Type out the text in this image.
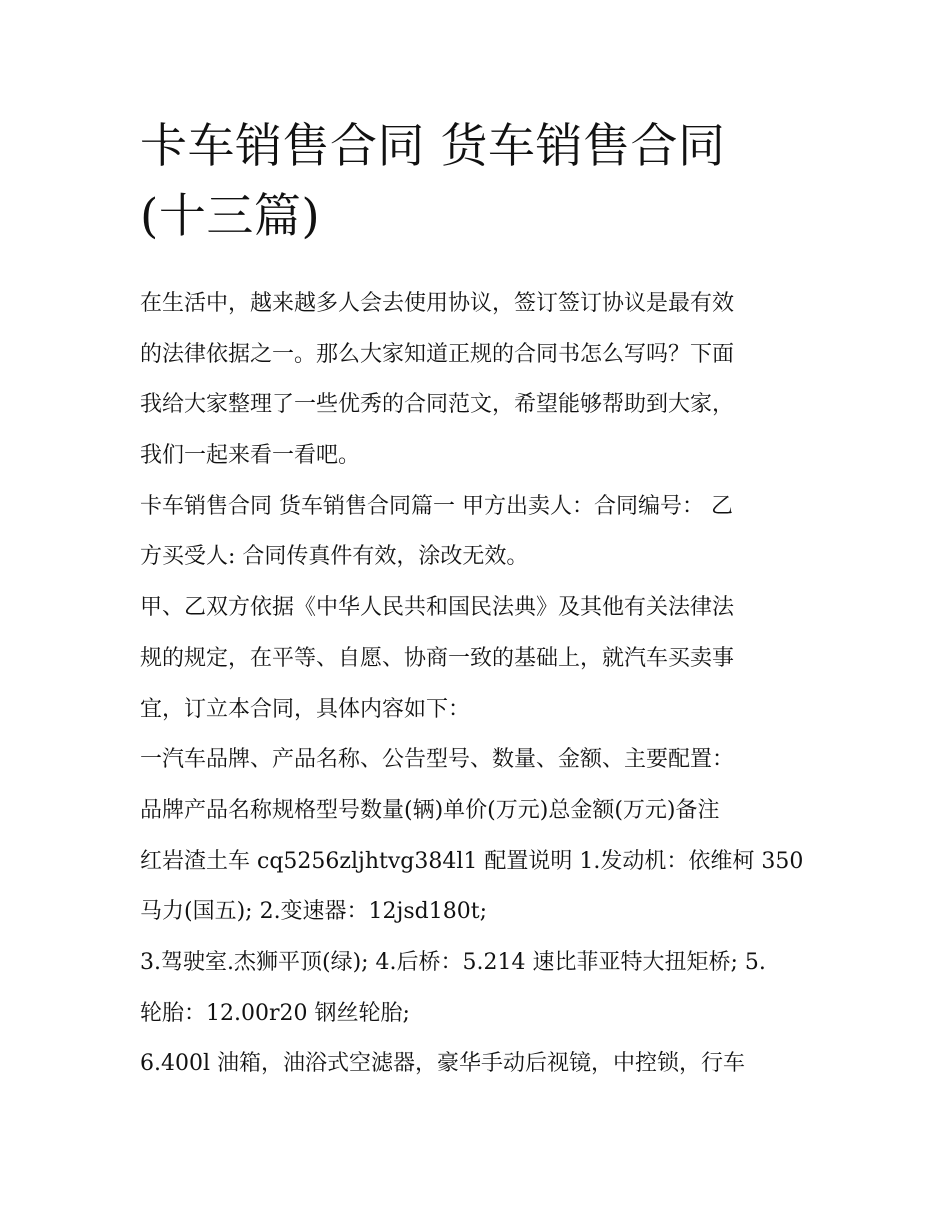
卡车销售合同 货车销售合同
(十三篇)
在生活中，越来越多人会去使用协议，签订签订协议是最有效
的法律依据之一。那么大家知道正规的合同书怎么写吗？下面
我给大家整理了一些优秀的合同范文，希望能够帮助到大家，
我们一起来看一看吧。
卡车销售合同 货车销售合同篇一 甲方出卖人：合同编号： 乙
方买受人: 合同传真件有效，涂改无效。
甲、乙双方依据《中华人民共和国民法典》及其他有关法律法
规的规定，在平等、自愿、协商一致的基础上，就汽车买卖事
宜，订立本合同，具体内容如下：
一汽车品牌、产品名称、公告型号、数量、金额、主要配置：
品牌产品名称规格型号数量(辆)单价(万元)总金额(万元)备注
红岩渣土车 cq5256zljhtvg384l1 配置说明 1.发动机：依维柯 350
马力(国五); 2.变速器：12jsd180t;
3.驾驶室.杰狮平顶(绿); 4.后桥：5.214 速比菲亚特大扭矩桥; 5.
轮胎：12.00r20 钢丝轮胎;
6.400l 油箱，油浴式空滤器，豪华手动后视镜，中控锁，行车
